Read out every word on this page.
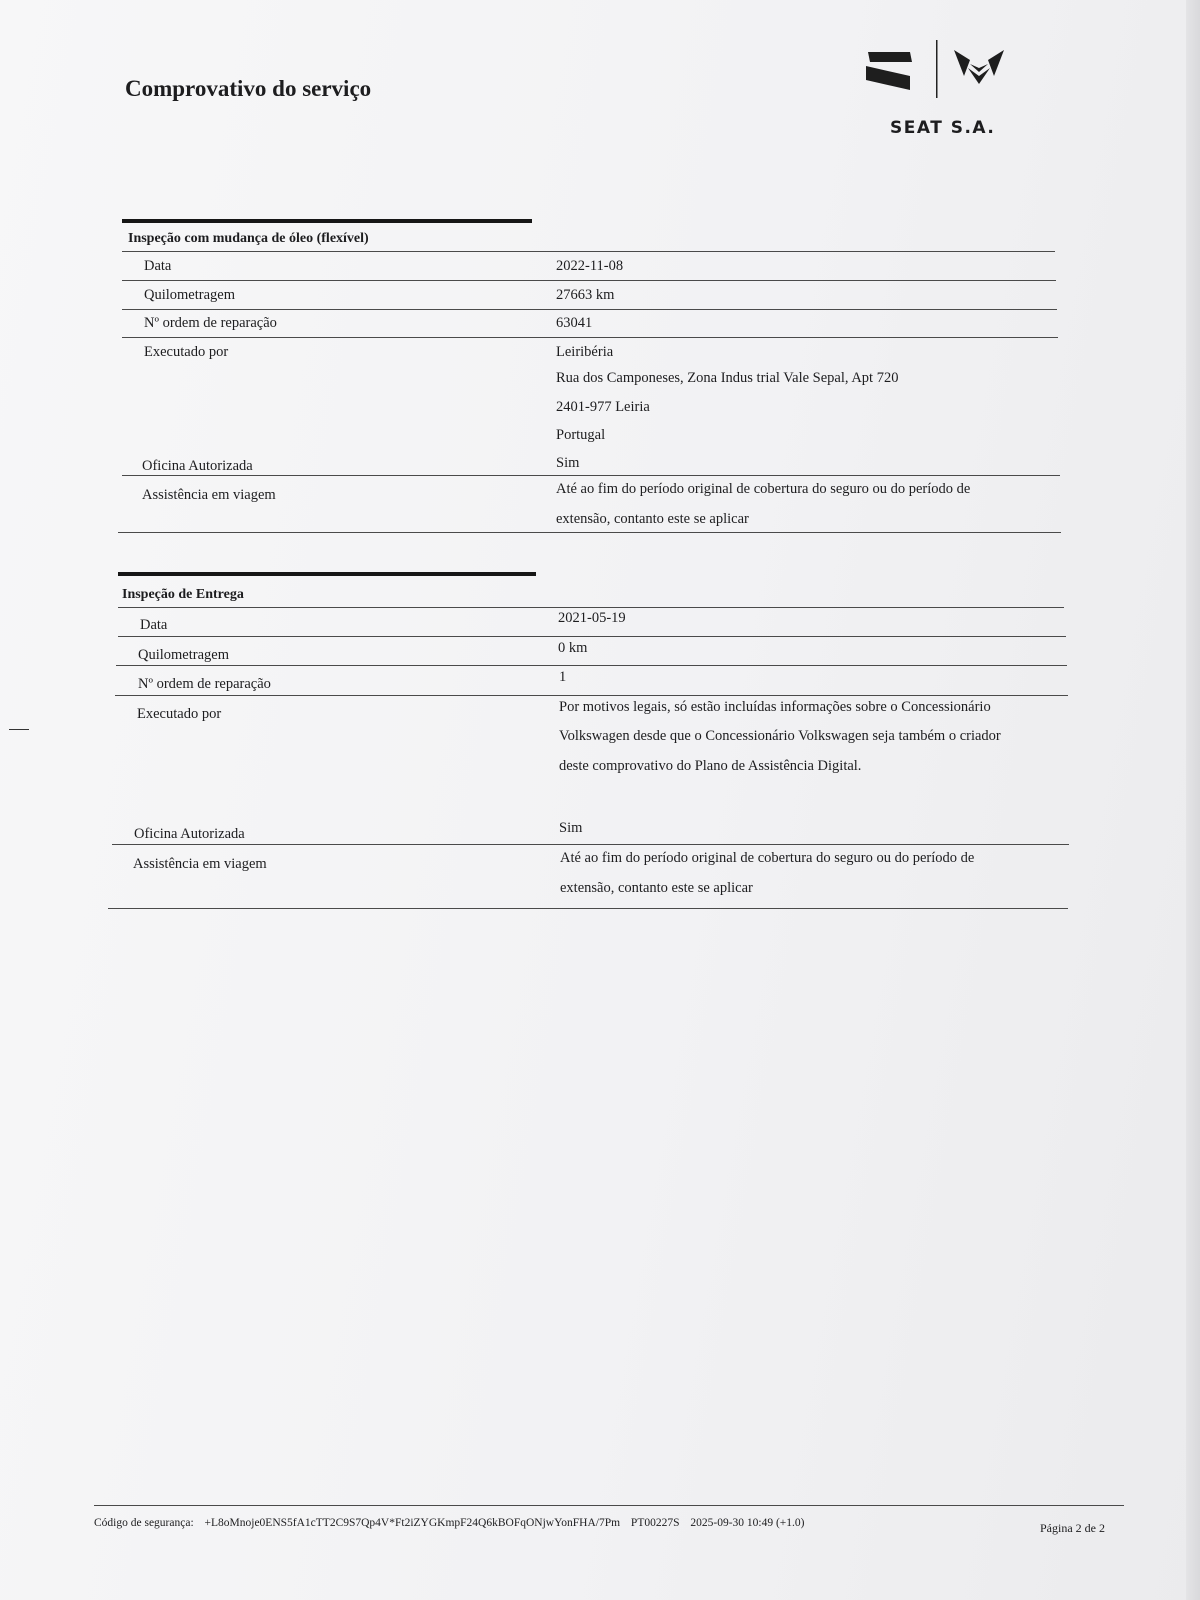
Comprovativo do serviço
SEAT S.A.
Inspeção com mudança de óleo (flexível)
Data	2022-11-08
Quilometragem	27663 km
Nº ordem de reparação	63041
Executado por	Leiribéria
Rua dos Camponeses, Zona Indus trial Vale Sepal, Apt 720
2401-977 Leiria
Portugal
Oficina Autorizada	Sim
Assistência em viagem	Até ao fim do período original de cobertura do seguro ou do período de
extensão, contanto este se aplicar
Inspeção de Entrega
Data	2021-05-19
Quilometragem	0 km
Nº ordem de reparação	1
Executado por	Por motivos legais, só estão incluídas informações sobre o Concessionário
Volkswagen desde que o Concessionário Volkswagen seja também o criador
deste comprovativo do Plano de Assistência Digital.
Oficina Autorizada	Sim
Assistência em viagem	Até ao fim do período original de cobertura do seguro ou do período de
extensão, contanto este se aplicar
Código de segurança: +L8oMnoje0ENS5fA1cTT2C9S7Qp4V*Ft2iZYGKmpF24Q6kBOFqONjwYonFHA/7Pm PT00227S 2025-09-30 10:49 (+1.0)	Página 2 de 2
